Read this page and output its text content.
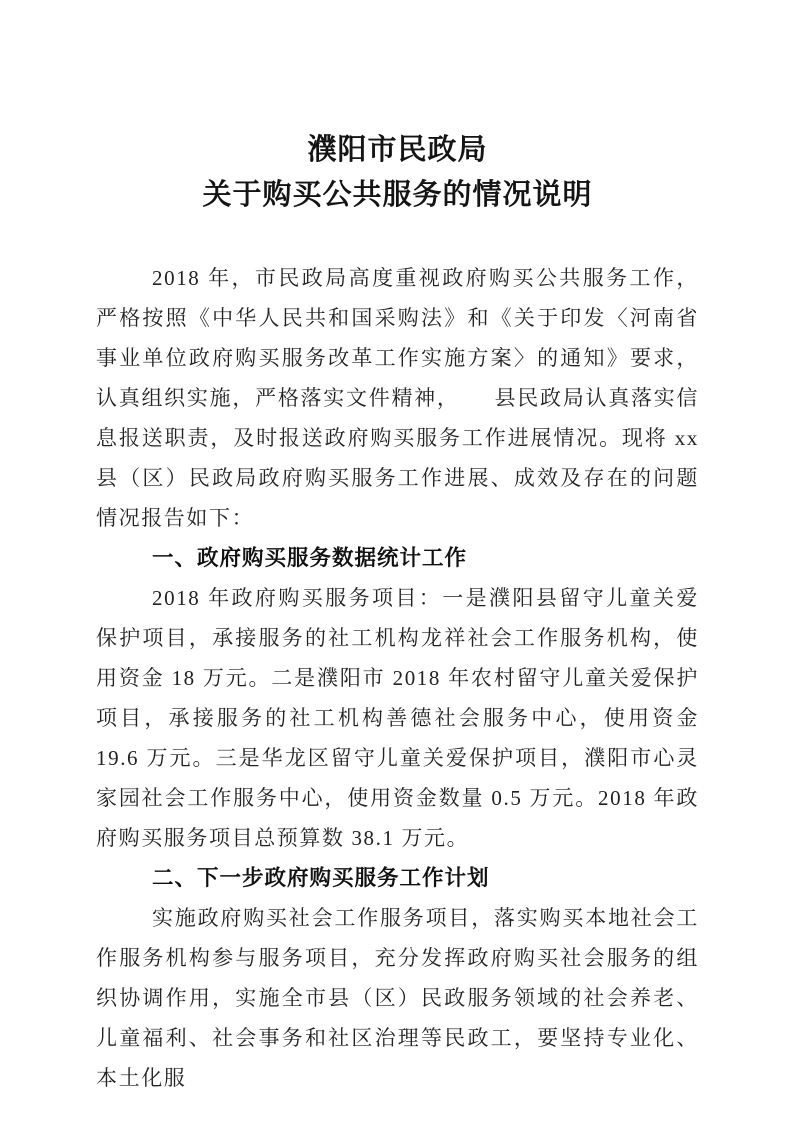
濮阳市民政局
关于购买公共服务的情况说明

2018 年，市民政局高度重视政府购买公共服务工作，严格按照《中华人民共和国采购法》和《关于印发〈河南省事业单位政府购买服务改革工作实施方案〉的通知》要求，认真组织实施，严格落实文件精神，　　县民政局认真落实信息报送职责，及时报送政府购买服务工作进展情况。现将 xx 县（区）民政局政府购买服务工作进展、成效及存在的问题情况报告如下：

一、政府购买服务数据统计工作

2018 年政府购买服务项目：一是濮阳县留守儿童关爱保护项目，承接服务的社工机构龙祥社会工作服务机构，使用资金 18 万元。二是濮阳市 2018 年农村留守儿童关爱保护项目，承接服务的社工机构善德社会服务中心，使用资金 19.6 万元。三是华龙区留守儿童关爱保护项目，濮阳市心灵家园社会工作服务中心，使用资金数量 0.5 万元。2018 年政府购买服务项目总预算数 38.1 万元。

二、下一步政府购买服务工作计划

实施政府购买社会工作服务项目，落实购买本地社会工作服务机构参与服务项目，充分发挥政府购买社会服务的组织协调作用，实施全市县（区）民政服务领域的社会养老、儿童福利、社会事务和社区治理等民政工，要坚持专业化、本土化服
